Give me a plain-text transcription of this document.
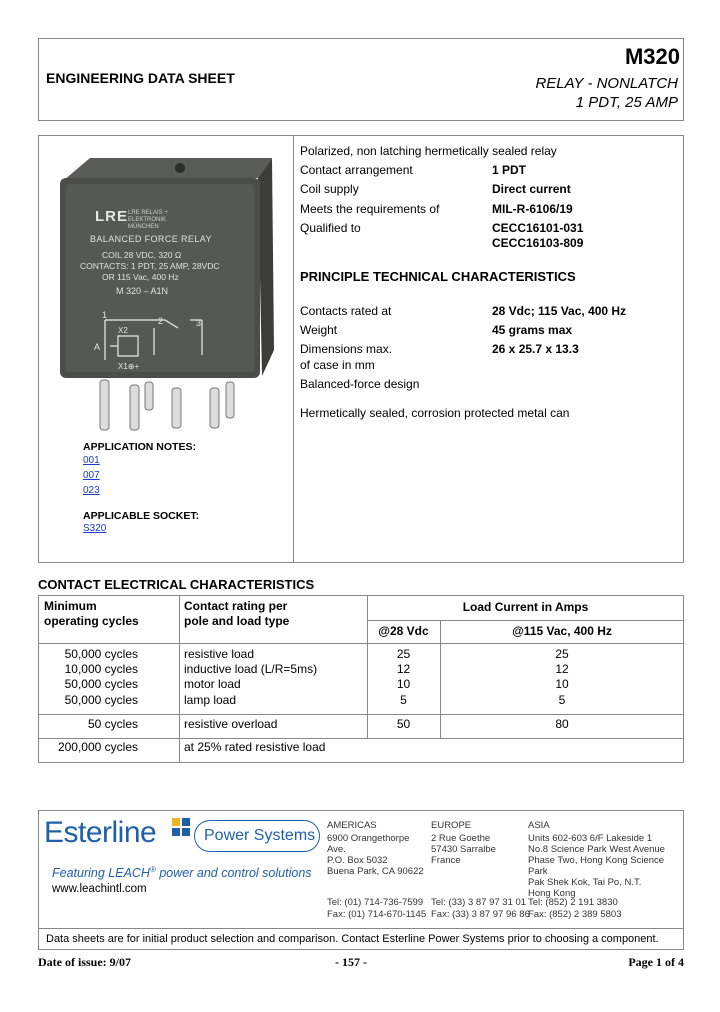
ENGINEERING DATA SHEET
M320
RELAY - NONLATCH
1 PDT, 25 AMP
LRE LRE RELAIS + ELEKTRONIK MÜNCHEN
BALANCED FORCE RELAY
COIL 28 VDC, 320 Ω
CONTACTS: 1 PDT, 25 AMP, 28VDC
OR 115 Vac, 400 Hz
M 320 – A1N
1
2	3
X2
A
X1⊕+
APPLICATION NOTES:
001
007
023
APPLICABLE SOCKET:
S320
Polarized, non latching hermetically sealed relay
Contact arrangement	1 PDT
Coil supply	Direct current
Meets the requirements of	MIL-R-6106/19
Qualified to	CECC16101-031
CECC16103-809
PRINCIPLE TECHNICAL CHARACTERISTICS
Contacts rated at	28 Vdc; 115 Vac, 400 Hz
Weight	45 grams max
Dimensions max.	26 x 25.7 x 13.3
of case in mm
Balanced-force design
Hermetically sealed, corrosion protected metal can
CONTACT ELECTRICAL CHARACTERISTICS
Minimum
operating cycles
Contact rating per
pole and load type
Load Current in Amps
@28 Vdc	@115 Vac, 400 Hz
50,000 cycles	resistive load	25	25
10,000 cycles	inductive load (L/R=5ms)	12	12
50,000 cycles	motor load	10	10
50,000 cycles	lamp load	5	5
50 cycles	resistive overload	50	80
200,000 cycles	at 25% rated resistive load
Esterline	Power Systems
Featuring LEACH® power and control solutions
www.leachintl.com
AMERICAS
6900 Orangethorpe Ave.
P.O. Box 5032
Buena Park, CA 90622
Tel: (01) 714-736-7599
Fax: (01) 714-670-1145
EUROPE
2 Rue Goethe
57430 Sarralbe
France
Tel: (33) 3 87 97 31 01
Fax: (33) 3 87 97 96 86
ASIA
Units 602-603 6/F Lakeside 1
No.8 Science Park West Avenue
Phase Two, Hong Kong Science Park
Pak Shek Kok, Tai Po, N.T.
Hong Kong
Tel: (852) 2 191 3830
Fax: (852) 2 389 5803
Data sheets are for initial product selection and comparison. Contact Esterline Power Systems prior to choosing a component.
Date of issue: 9/07	- 157 -	Page 1 of 4
